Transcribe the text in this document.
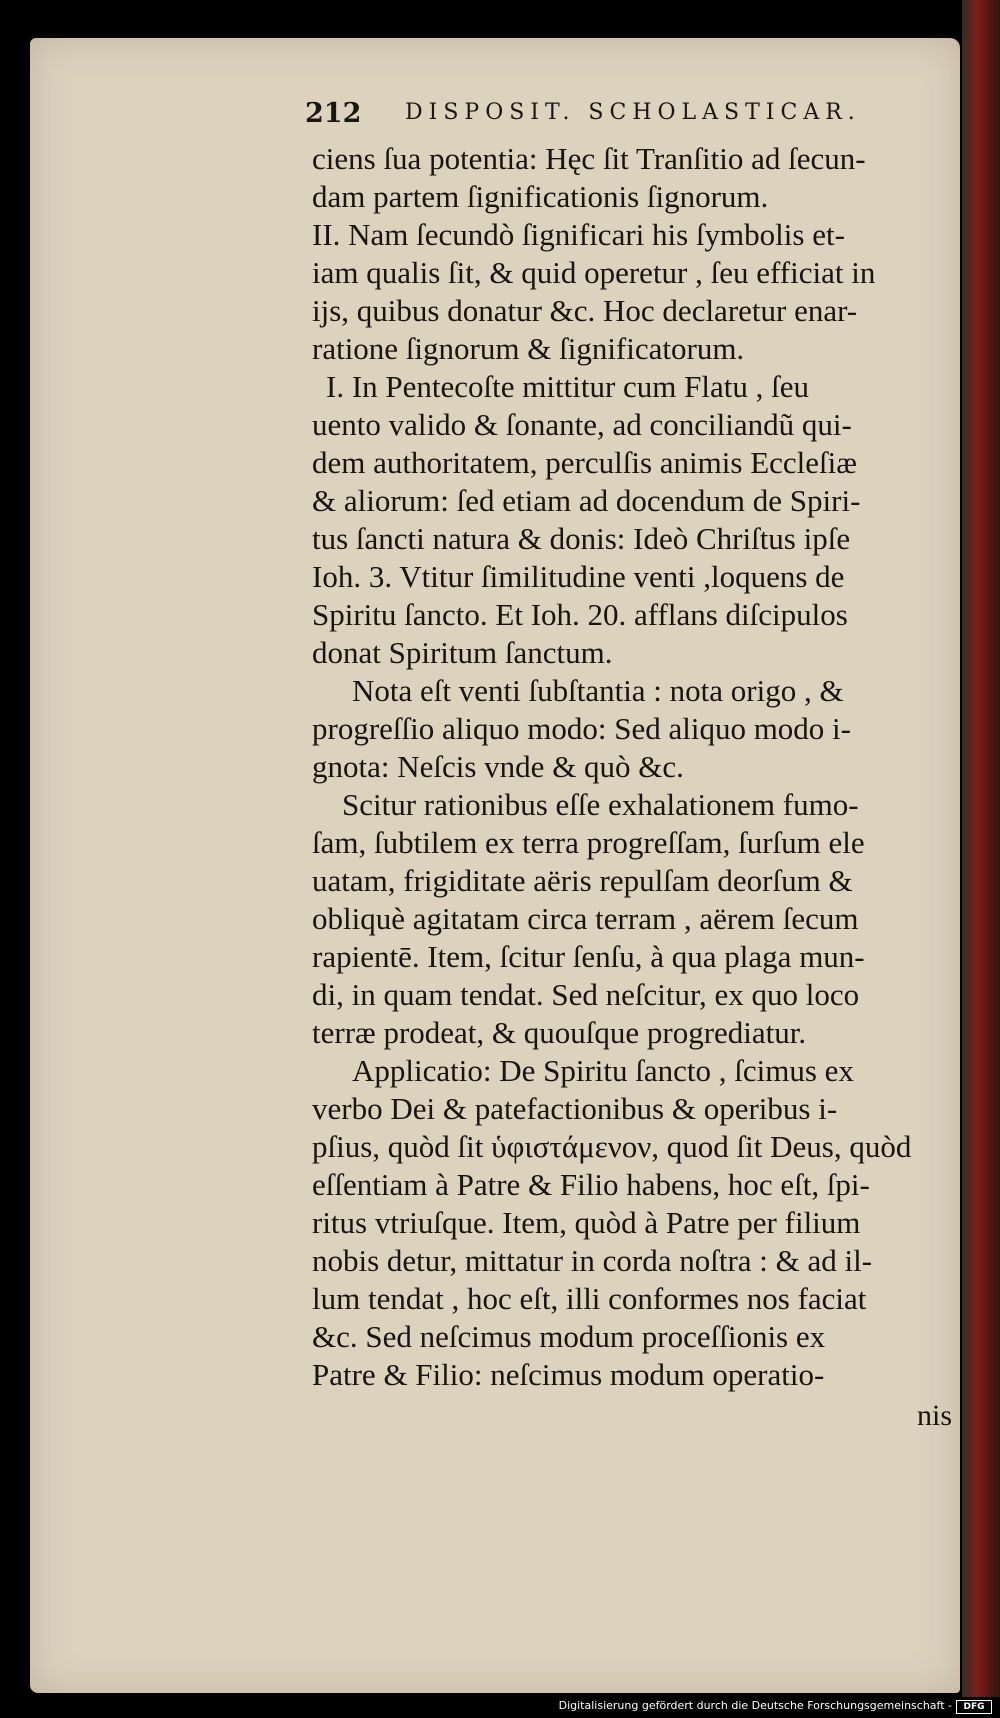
212 DISPOSIT. SCHOLASTICAR.
ciens ſua potentia: Hęc ſit Tranſitio ad ſecun-
dam partem ſignificationis ſignorum.
II. Nam ſecundò ſignificari his ſymbolis et-
iam qualis ſit, & quid operetur , ſeu efficiat in
ijs, quibus donatur &c. Hoc declaretur enar-
ratione ſignorum & ſignificatorum.
I. In Pentecoſte mittitur cum Flatu , ſeu
uento valido & ſonante, ad conciliandũ qui-
dem authoritatem, perculſis animis Eccleſiæ
& aliorum: ſed etiam ad docendum de Spiri-
tus ſancti natura & donis: Ideò Chriſtus ipſe
Ioh. 3. Vtitur ſimilitudine venti ,loquens de
Spiritu ſancto. Et Ioh. 20. afflans diſcipulos
donat Spiritum ſanctum.
Nota eſt venti ſubſtantia : nota origo , &
progreſſio aliquo modo: Sed aliquo modo i-
gnota: Neſcis vnde & quò &c.
Scitur rationibus eſſe exhalationem fumo-
ſam, ſubtilem ex terra progreſſam, ſurſum ele
uatam, frigiditate aëris repulſam deorſum &
obliquè agitatam circa terram , aërem ſecum
rapientē. Item, ſcitur ſenſu, à qua plaga mun-
di, in quam tendat. Sed neſcitur, ex quo loco
terræ prodeat, & quouſque progrediatur.
Applicatio: De Spiritu ſancto , ſcimus ex
verbo Dei & patefactionibus & operibus i-
pſius, quòd ſit ὑφιστάμενον, quod ſit Deus, quòd
eſſentiam à Patre & Filio habens, hoc eſt, ſpi-
ritus vtriuſque. Item, quòd à Patre per filium
nobis detur, mittatur in corda noſtra : & ad il-
lum tendat , hoc eſt, illi conformes nos faciat
&c. Sed neſcimus modum proceſſionis ex
Patre & Filio: neſcimus modum operatio-
nis
Digitalisierung gefördert durch die Deutsche Forschungsgemeinschaft -	DFG
